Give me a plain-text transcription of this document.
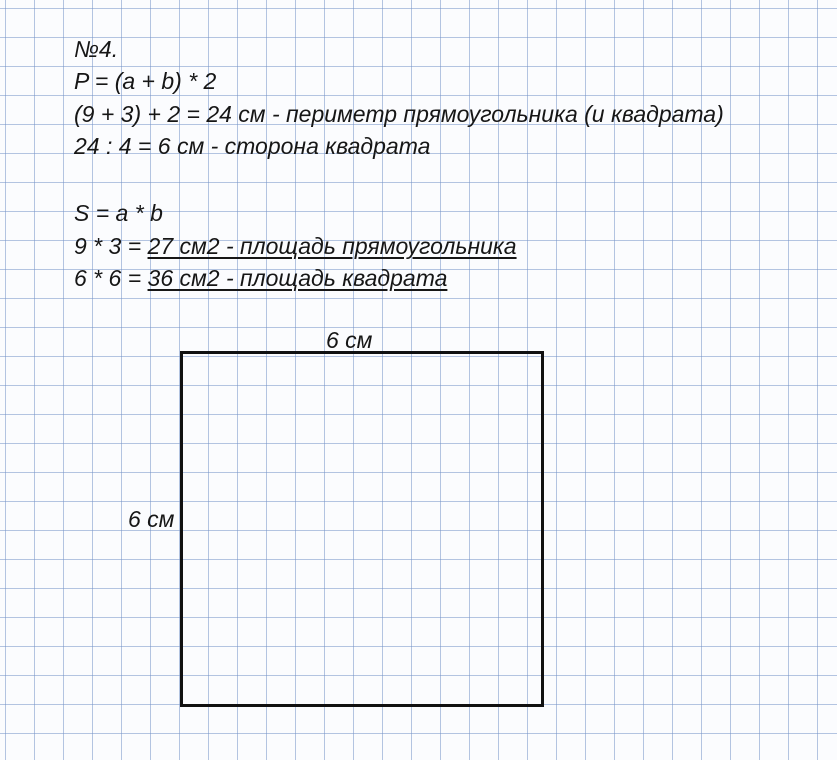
№4.
P = (a + b) * 2
(9 + 3) + 2 = 24 см - периметр прямоугольника (и квадрата)
24 : 4 = 6 см - сторона квадрата
S = a * b
9 * 3 = 27 см2 - площадь прямоугольника
6 * 6 = 36 см2 - площадь квадрата
6 см
6 см
